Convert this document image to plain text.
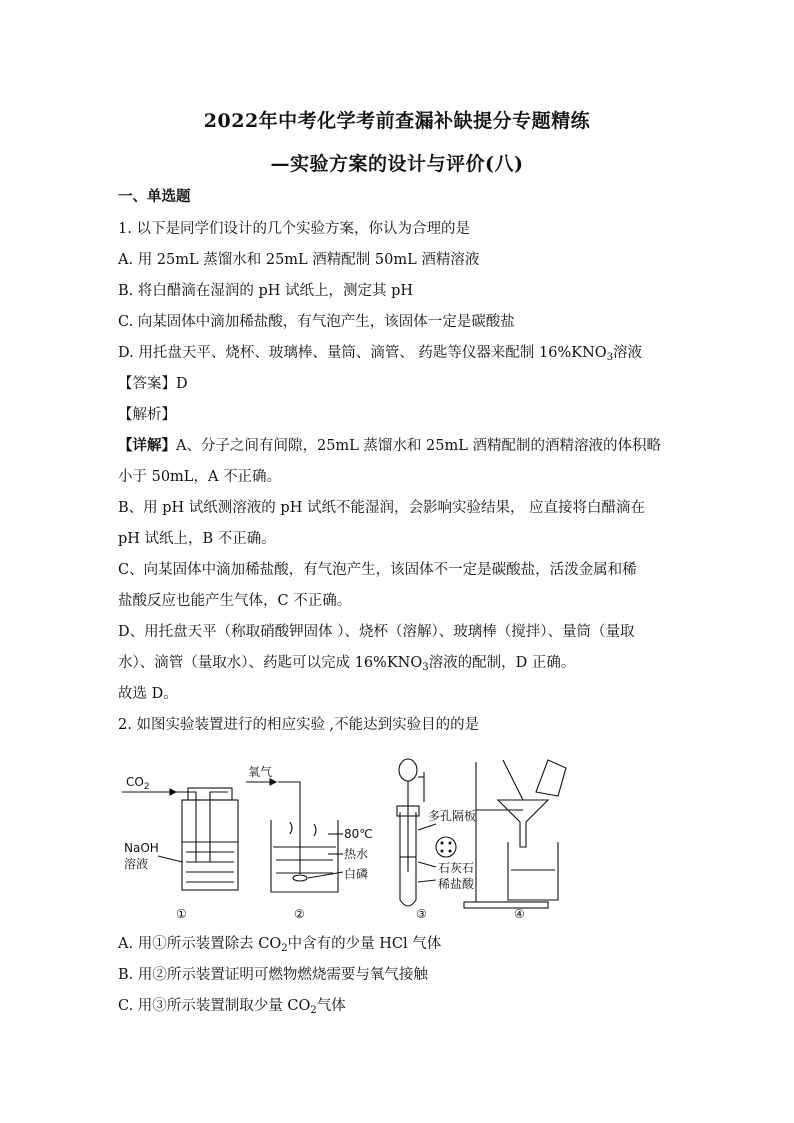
2022年中考化学考前查漏补缺提分专题精练
—实验方案的设计与评价(八)
一、单选题
1. 以下是同学们设计的几个实验方案，你认为合理的是
A. 用 25mL 蒸馏水和 25mL 酒精配制 50mL 酒精溶液
B. 将白醋滴在湿润的 pH 试纸上，测定其 pH
C. 向某固体中滴加稀盐酸，有气泡产生，该固体一定是碳酸盐
D. 用托盘天平、烧杯、玻璃棒、量筒、滴管、 药匙等仪器来配制 $16\%KNO_3$溶液
【答案】D
【解析】
【详解】A、分子之间有间隙，25mL 蒸馏水和 25mL 酒精配制的酒精溶液的体积略
小于 50mL，A 不正确。
B、用 pH 试纸测溶液的 pH 试纸不能湿润，会影响实验结果， 应直接将白醋滴在
pH 试纸上，B 不正确。
C、向某固体中滴加稀盐酸，有气泡产生，该固体不一定是碳酸盐，活泼金属和稀
盐酸反应也能产生气体，C 不正确。
D、用托盘天平（称取硝酸钾固体 ）、烧杯（溶解）、玻璃棒（搅拌）、量筒（量取
水）、滴管（量取水）、药匙可以完成 $16\%KNO_3$溶液的配制，D 正确。
故选 D。
2. 如图实验装置进行的相应实验 ,不能达到实验目的的是
$CO_2$
NaOH
溶液
氧气
80℃
热水
白磷
多孔隔板
石灰石
稀盐酸
①	②	③	④
A. 用①所示装置除去 $CO_2$中含有的少量 HCl 气体
B. 用②所示装置证明可燃物燃烧需要与氧气接触
C. 用③所示装置制取少量 $CO_2$气体
